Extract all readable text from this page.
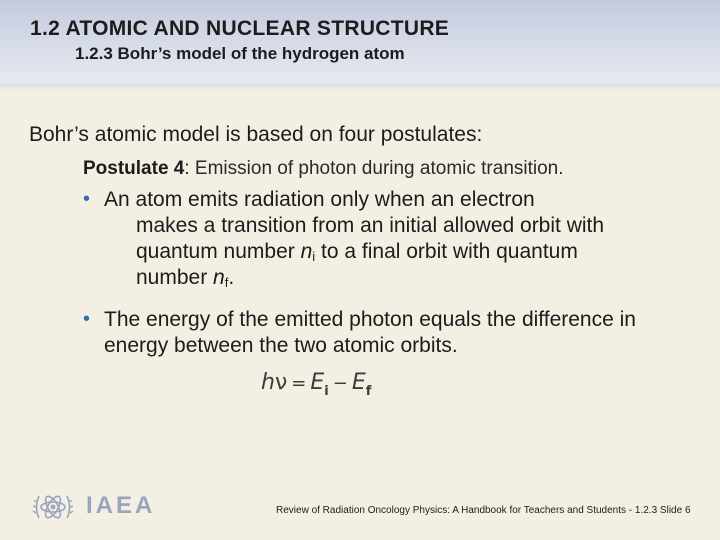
1.2 ATOMIC AND NUCLEAR STRUCTURE
1.2.3 Bohr’s model of the hydrogen atom
Bohr’s atomic model is based on four postulates:
Postulate 4: Emission of photon during atomic transition.
• An atom emits radiation only when an electron
makes a transition from an initial allowed orbit with
quantum number $n_i$ to a final orbit with quantum
number $n_f$.
• The energy of the emitted photon equals the difference in energy between the two atomic orbits.
$h\nu = E_i - E_f$
IAEA	Review of Radiation Oncology Physics: A Handbook for Teachers and Students - 1.2.3 Slide 6
